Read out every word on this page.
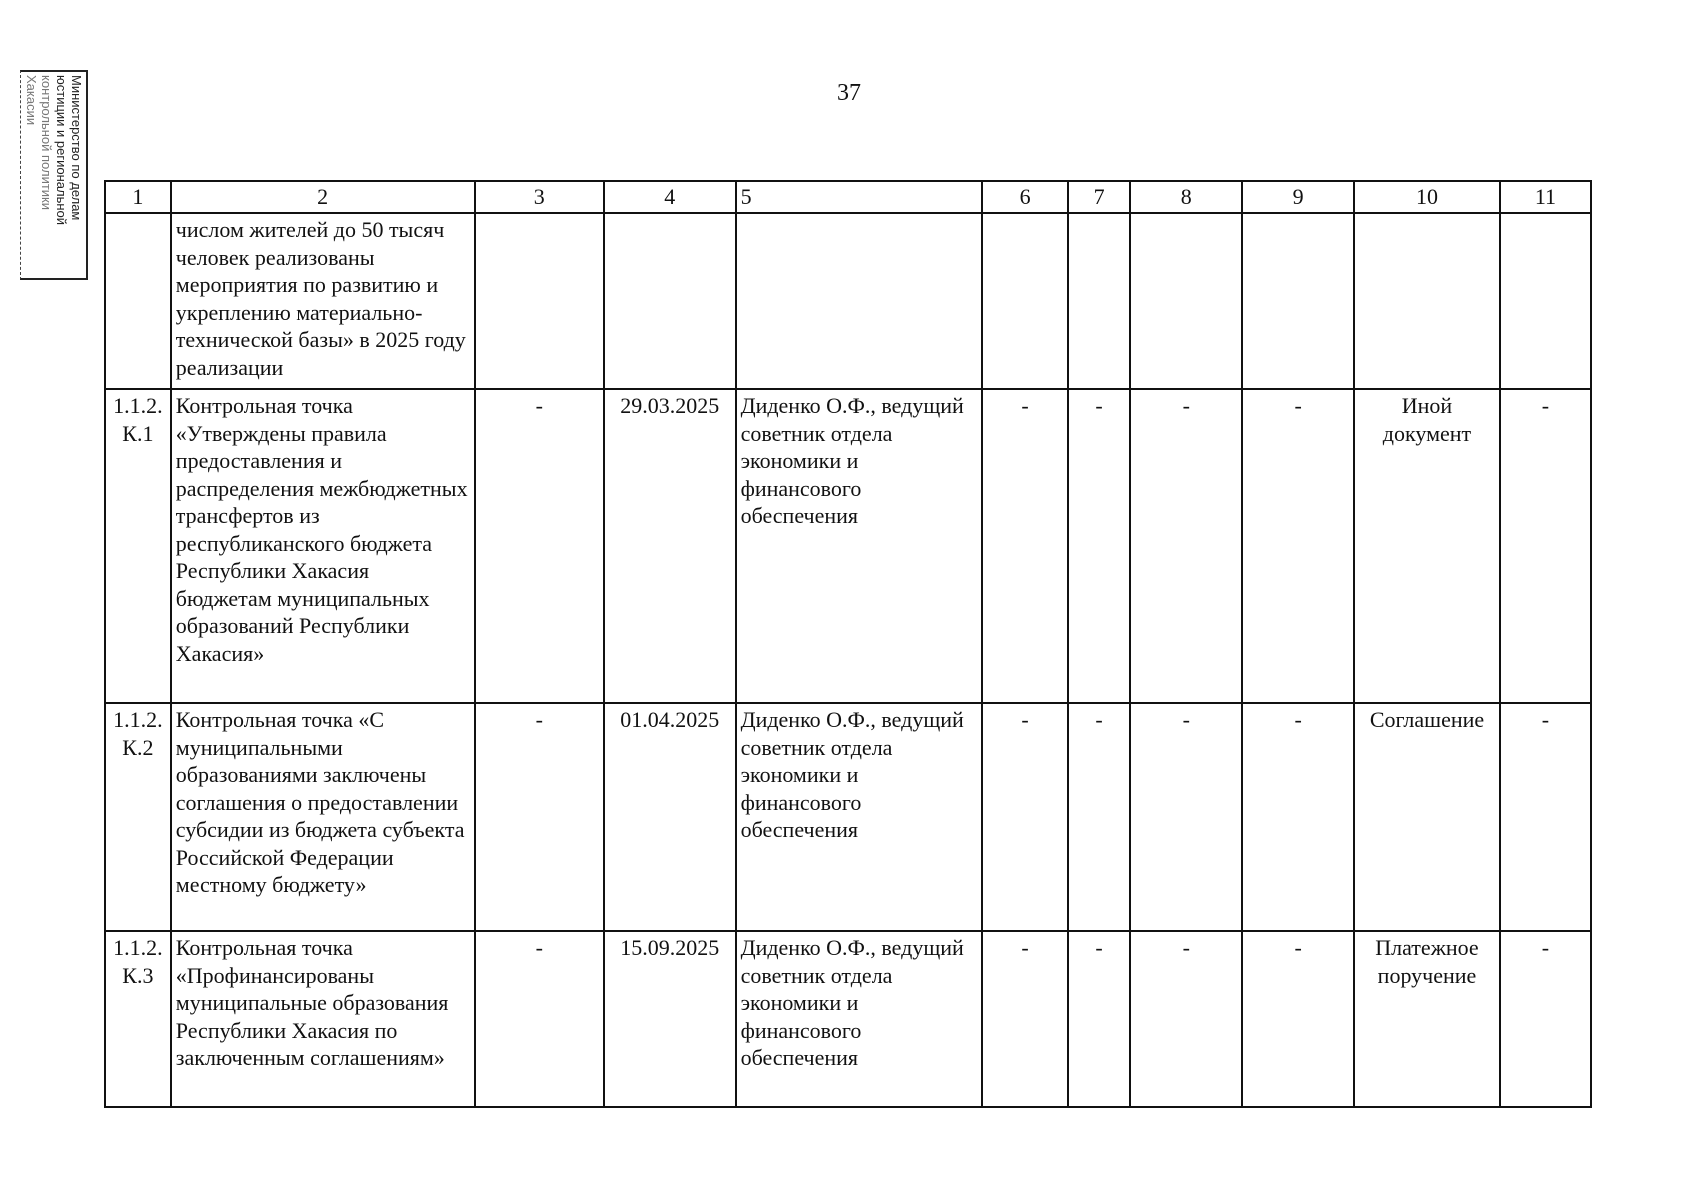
37
Министерство по делам
юстиции и региональной
контрольной политики
Хакасии
1	2	3	4	5	6	7	8	9	10	11
	числом жителей до 50 тысяч человек реализованы мероприятия по развитию и укреплению материально-технической базы» в 2025 году реализации									
1.1.2. К.1	Контрольная точка «Утверждены правила предоставления и распределения межбюджетных трансфертов из республиканского бюджета Республики Хакасия бюджетам муниципальных образований Республики Хакасия»	-	29.03.2025	Диденко О.Ф., ведущий советник отдела экономики и финансового обеспечения	-	-	-	-	Иной документ	-
1.1.2. К.2	Контрольная точка «С муниципальными образованиями заключены соглашения о предоставлении субсидии из бюджета субъекта Российской Федерации местному бюджету»	-	01.04.2025	Диденко О.Ф., ведущий советник отдела экономики и финансового обеспечения	-	-	-	-	Соглашение	-
1.1.2. К.3	Контрольная точка «Профинансированы муниципальные образования Республики Хакасия по заключенным соглашениям»	-	15.09.2025	Диденко О.Ф., ведущий советник отдела экономики и финансового обеспечения	-	-	-	-	Платежное поручение	-
